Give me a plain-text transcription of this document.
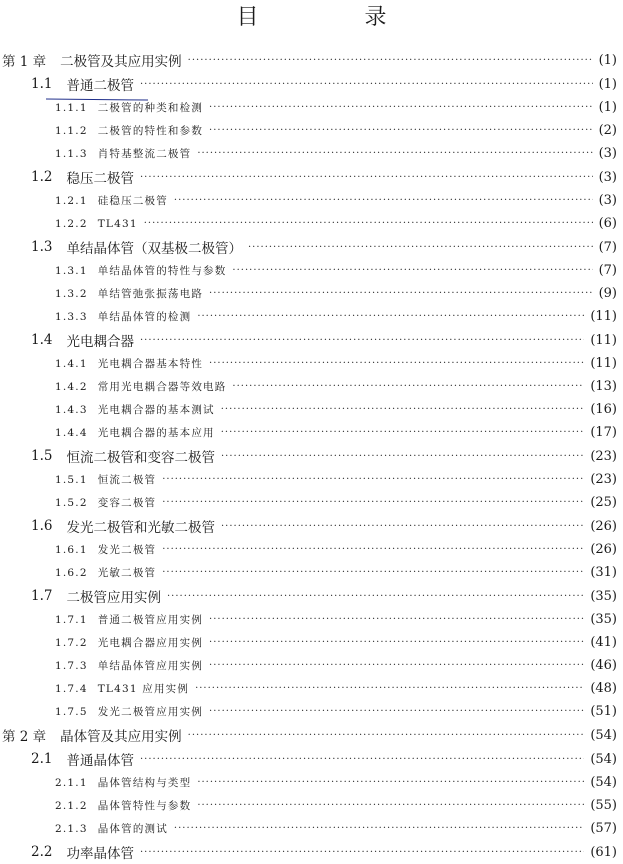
目　录
第 1 章	二极管及其应用实例 ·····	(1)
1.1	普通二极管 ·····	(1)
1.1.1 二极管的种类和检测 ·····	(1)
1.1.2 二极管的特性和参数 ·····	(2)
1.1.3 肖特基整流二极管 ·····	(3)
1.2	稳压二极管 ·····	(3)
1.2.1 硅稳压二极管 ·····	(3)
1.2.2 TL431 ·····	(6)
1.3	单结晶体管（双基极二极管） ·····	(7)
1.3.1 单结晶体管的特性与参数 ·····	(7)
1.3.2 单结管弛张振荡电路 ·····	(9)
1.3.3 单结晶体管的检测 ·····	(11)
1.4	光电耦合器 ·····	(11)
1.4.1 光电耦合器基本特性 ·····	(11)
1.4.2 常用光电耦合器等效电路 ·····	(13)
1.4.3 光电耦合器的基本测试 ·····	(16)
1.4.4 光电耦合器的基本应用 ·····	(17)
1.5	恒流二极管和变容二极管 ·····	(23)
1.5.1 恒流二极管 ·····	(23)
1.5.2 变容二极管 ·····	(25)
1.6	发光二极管和光敏二极管 ·····	(26)
1.6.1 发光二极管 ·····	(26)
1.6.2 光敏二极管 ·····	(31)
1.7	二极管应用实例 ·····	(35)
1.7.1 普通二极管应用实例 ·····	(35)
1.7.2 光电耦合器应用实例 ·····	(41)
1.7.3 单结晶体管应用实例 ·····	(46)
1.7.4 TL431 应用实例 ·····	(48)
1.7.5 发光二极管应用实例 ·····	(51)
第 2 章	晶体管及其应用实例 ·····	(54)
2.1	普通晶体管 ·····	(54)
2.1.1 晶体管结构与类型 ·····	(54)
2.1.2 晶体管特性与参数 ·····	(55)
2.1.3 晶体管的测试 ·····	(57)
2.2	功率晶体管 ·····	(61)
